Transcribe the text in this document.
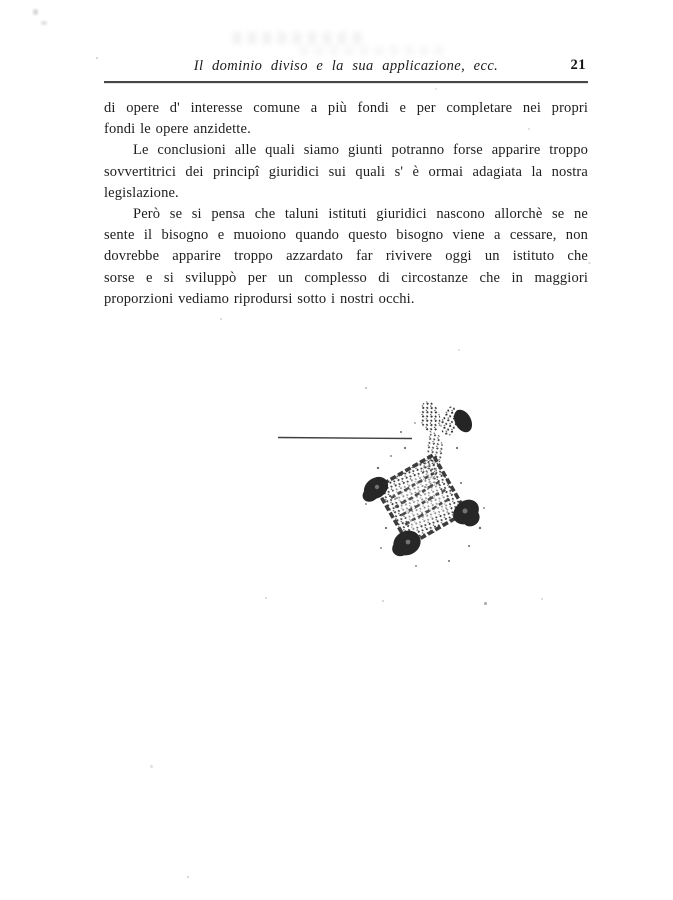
Il dominio diviso e la sua applicazione, ecc.	21
di opere d' interesse comune a più fondi e per completare nei propri
fondi le opere anzidette.
Le conclusioni alle quali siamo giunti potranno forse apparire troppo
sovvertitrici dei principî giuridici sui quali s' è ormai adagiata la nostra
legislazione.
Però se si pensa che taluni istituti giuridici nascono allorchè se ne
sente il bisogno e muoiono quando questo bisogno viene a cessare, non
dovrebbe apparire troppo azzardato far rivivere oggi un istituto che
sorse e si sviluppò per un complesso di circostanze che in maggiori
proporzioni vediamo riprodursi sotto i nostri occhi.
